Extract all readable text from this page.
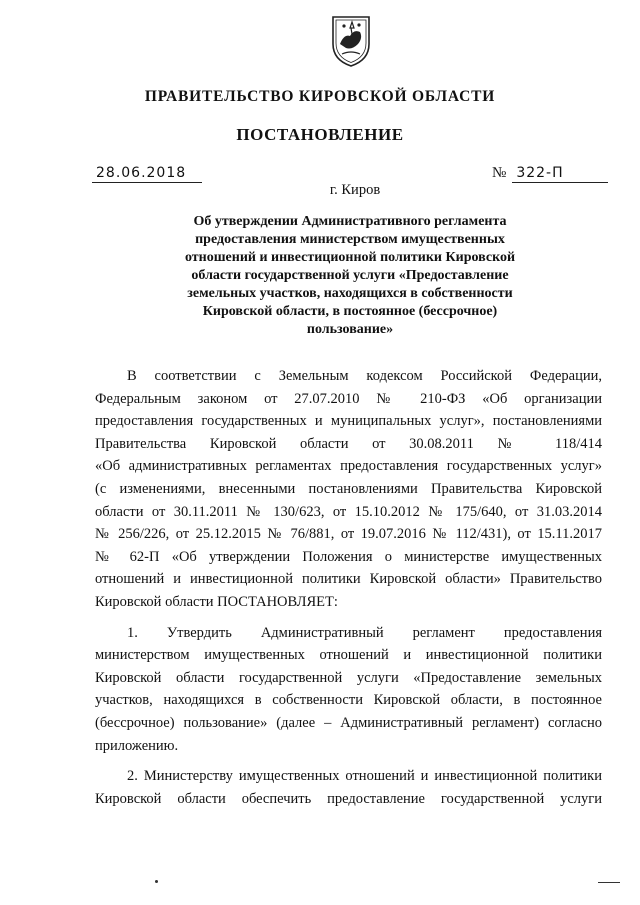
ПРАВИТЕЛЬСТВО КИРОВСКОЙ ОБЛАСТИ
ПОСТАНОВЛЕНИЕ
28.06.2018	№ 322-П
г. Киров
Об утверждении Административного регламента
предоставления министерством имущественных
отношений и инвестиционной политики Кировской
области государственной услуги «Предоставление
земельных участков, находящихся в собственности
Кировской области, в постоянное (бессрочное)
пользование»
В соответствии с Земельным кодексом Российской Федерации,
Федеральным законом от 27.07.2010 № 210-ФЗ «Об организации
предоставления государственных и муниципальных услуг», постановлениями
Правительства Кировской области от 30.08.2011 № 118/414
«Об административных регламентах предоставления государственных услуг»
(с изменениями, внесенными постановлениями Правительства Кировской
области от 30.11.2011 № 130/623, от 15.10.2012 № 175/640, от 31.03.2014
№ 256/226, от 25.12.2015 № 76/881, от 19.07.2016 № 112/431), от 15.11.2017
№ 62-П «Об утверждении Положения о министерстве имущественных
отношений и инвестиционной политики Кировской области» Правительство
Кировской области ПОСТАНОВЛЯЕТ:
1. Утвердить Административный регламент предоставления
министерством имущественных отношений и инвестиционной политики
Кировской области государственной услуги «Предоставление земельных
участков, находящихся в собственности Кировской области, в постоянное
(бессрочное) пользование» (далее – Административный регламент) согласно
приложению.
2. Министерству имущественных отношений и инвестиционной политики
Кировской области обеспечить предоставление государственной услуги
